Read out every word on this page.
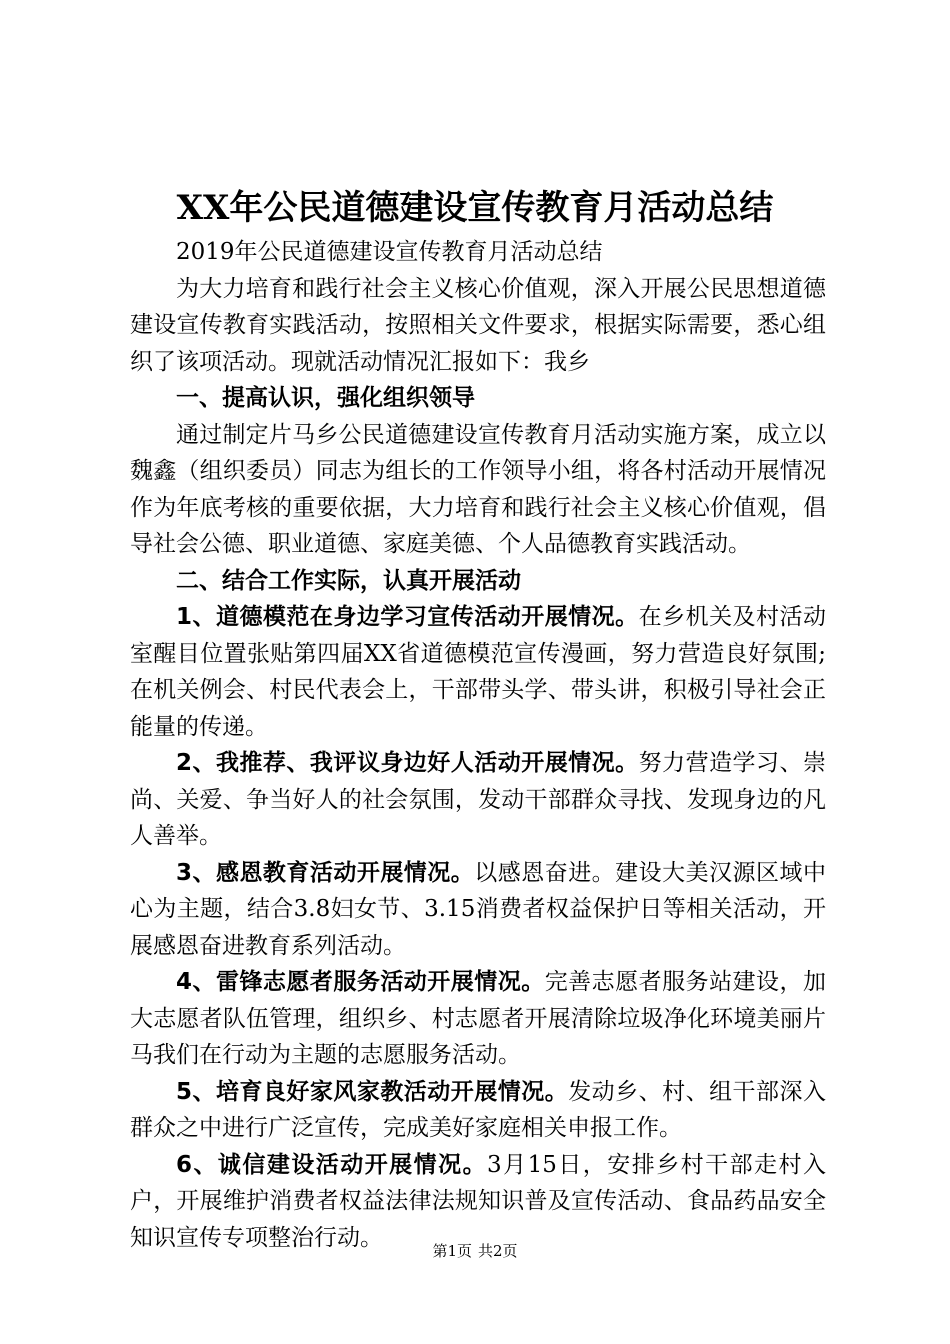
XX年公民道德建设宣传教育月活动总结

2019年公民道德建设宣传教育月活动总结

为大力培育和践行社会主义核心价值观，深入开展公民思想道德建设宣传教育实践活动，按照相关文件要求，根据实际需要，悉心组织了该项活动。现就活动情况汇报如下：我乡

一、提高认识，强化组织领导

通过制定片马乡公民道德建设宣传教育月活动实施方案，成立以魏鑫（组织委员）同志为组长的工作领导小组，将各村活动开展情况作为年底考核的重要依据，大力培育和践行社会主义核心价值观，倡导社会公德、职业道德、家庭美德、个人品德教育实践活动。

二、结合工作实际，认真开展活动

1、道德模范在身边学习宣传活动开展情况。在乡机关及村活动室醒目位置张贴第四届XX省道德模范宣传漫画，努力营造良好氛围;在机关例会、村民代表会上，干部带头学、带头讲，积极引导社会正能量的传递。

2、我推荐、我评议身边好人活动开展情况。努力营造学习、崇尚、关爱、争当好人的社会氛围，发动干部群众寻找、发现身边的凡人善举。

3、感恩教育活动开展情况。以感恩奋进。建设大美汉源区域中心为主题，结合3.8妇女节、3.15消费者权益保护日等相关活动，开展感恩奋进教育系列活动。

4、雷锋志愿者服务活动开展情况。完善志愿者服务站建设，加大志愿者队伍管理，组织乡、村志愿者开展清除垃圾净化环境美丽片马我们在行动为主题的志愿服务活动。

5、培育良好家风家教活动开展情况。发动乡、村、组干部深入群众之中进行广泛宣传，完成美好家庭相关申报工作。

6、诚信建设活动开展情况。3月15日，安排乡村干部走村入户，开展维护消费者权益法律法规知识普及宣传活动、食品药品安全知识宣传专项整治行动。

第1页 共2页
